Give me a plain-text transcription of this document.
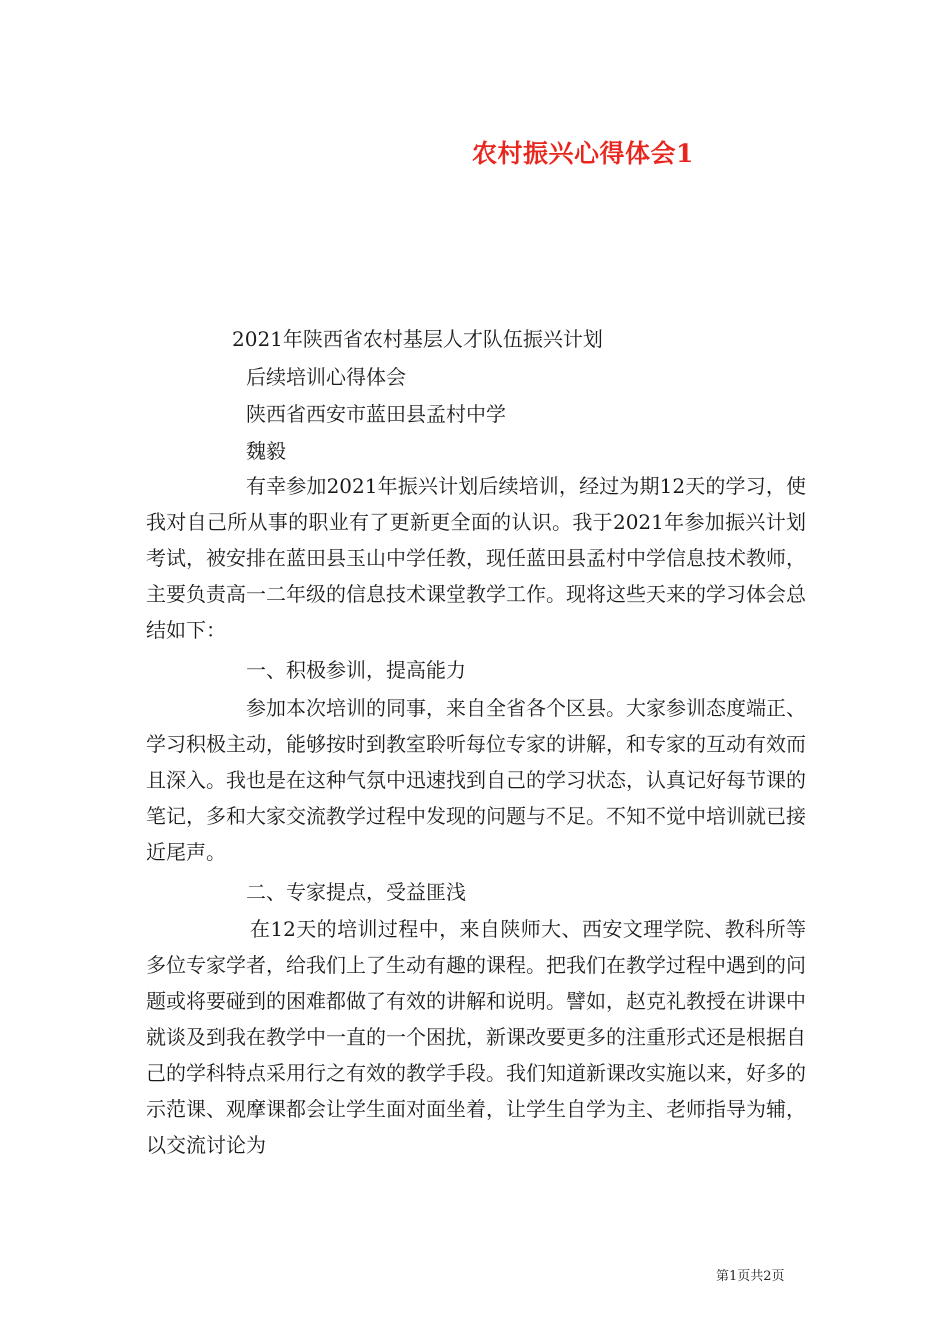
农村振兴心得体会1
2021年陕西省农村基层人才队伍振兴计划
后续培训心得体会
陕西省西安市蓝田县孟村中学
魏毅

有幸参加2021年振兴计划后续培训，经过为期12天的学习，使我对自己所从事的职业有了更新更全面的认识。我于2021年参加振兴计划考试，被安排在蓝田县玉山中学任教，现任蓝田县孟村中学信息技术教师，主要负责高一二年级的信息技术课堂教学工作。现将这些天来的学习体会总结如下：

一、积极参训，提高能力

参加本次培训的同事，来自全省各个区县。大家参训态度端正、学习积极主动，能够按时到教室聆听每位专家的讲解，和专家的互动有效而且深入。我也是在这种气氛中迅速找到自己的学习状态，认真记好每节课的笔记，多和大家交流教学过程中发现的问题与不足。不知不觉中培训就已接近尾声。

二、专家提点，受益匪浅

在12天的培训过程中，来自陕师大、西安文理学院、教科所等多位专家学者，给我们上了生动有趣的课程。把我们在教学过程中遇到的问题或将要碰到的困难都做了有效的讲解和说明。譬如，赵克礼教授在讲课中就谈及到我在教学中一直的一个困扰，新课改要更多的注重形式还是根据自己的学科特点采用行之有效的教学手段。我们知道新课改实施以来，好多的示范课、观摩课都会让学生面对面坐着，让学生自学为主、老师指导为辅，以交流讨论为

第1页共2页
